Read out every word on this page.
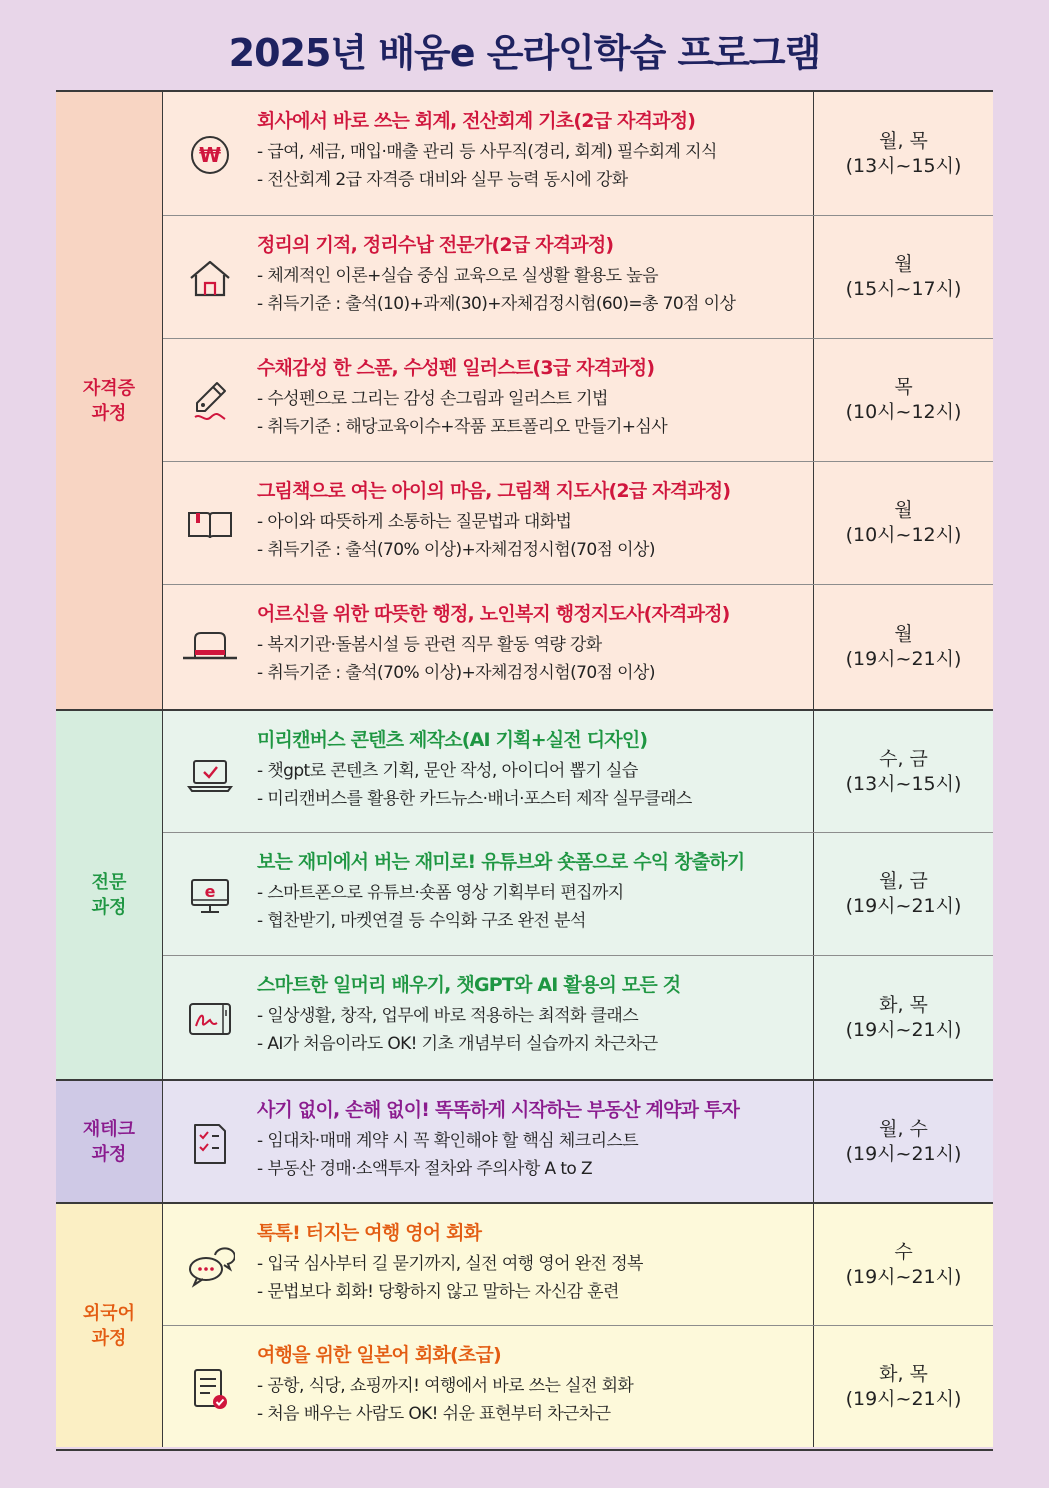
2025년 배움e 온라인학습 프로그램
자격증
과정
전문
과정
재테크
과정
외국어
과정
₩
회사에서 바로 쓰는 회계, 전산회계 기초(2급 자격과정)
- 급여, 세금, 매입·매출 관리 등 사무직(경리, 회계) 필수회계 지식
- 전산회계 2급 자격증 대비와 실무 능력 동시에 강화
월, 목
(13시~15시)
정리의 기적, 정리수납 전문가(2급 자격과정)
- 체계적인 이론+실습 중심 교육으로 실생활 활용도 높음
- 취득기준 : 출석(10)+과제(30)+자체검정시험(60)=총 70점 이상
월
(15시~17시)
수채감성 한 스푼, 수성펜 일러스트(3급 자격과정)
- 수성펜으로 그리는 감성 손그림과 일러스트 기법
- 취득기준 : 해당교육이수+작품 포트폴리오 만들기+심사
목
(10시~12시)
그림책으로 여는 아이의 마음, 그림책 지도사(2급 자격과정)
- 아이와 따뜻하게 소통하는 질문법과 대화법
- 취득기준 : 출석(70% 이상)+자체검정시험(70점 이상)
월
(10시~12시)
어르신을 위한 따뜻한 행정, 노인복지 행정지도사(자격과정)
- 복지기관·돌봄시설 등 관련 직무 활동 역량 강화
- 취득기준 : 출석(70% 이상)+자체검정시험(70점 이상)
월
(19시~21시)
미리캔버스 콘텐츠 제작소(AI 기획+실전 디자인)
- 챗gpt로 콘텐츠 기획, 문안 작성, 아이디어 뽑기 실습
- 미리캔버스를 활용한 카드뉴스·배너·포스터 제작 실무클래스
수, 금
(13시~15시)
e
보는 재미에서 버는 재미로! 유튜브와 숏폼으로 수익 창출하기
- 스마트폰으로 유튜브·숏폼 영상 기획부터 편집까지
- 협찬받기, 마켓연결 등 수익화 구조 완전 분석
월, 금
(19시~21시)
스마트한 일머리 배우기, 챗GPT와 AI 활용의 모든 것
- 일상생활, 창작, 업무에 바로 적용하는 최적화 클래스
- AI가 처음이라도 OK! 기초 개념부터 실습까지 차근차근
화, 목
(19시~21시)
사기 없이, 손해 없이! 똑똑하게 시작하는 부동산 계약과 투자
- 임대차·매매 계약 시 꼭 확인해야 할 핵심 체크리스트
- 부동산 경매·소액투자 절차와 주의사항 A to Z
월, 수
(19시~21시)
톡톡! 터지는 여행 영어 회화
- 입국 심사부터 길 묻기까지, 실전 여행 영어 완전 정복
- 문법보다 회화! 당황하지 않고 말하는 자신감 훈련
수
(19시~21시)
여행을 위한 일본어 회화(초급)
- 공항, 식당, 쇼핑까지! 여행에서 바로 쓰는 실전 회화
- 처음 배우는 사람도 OK! 쉬운 표현부터 차근차근
화, 목
(19시~21시)
